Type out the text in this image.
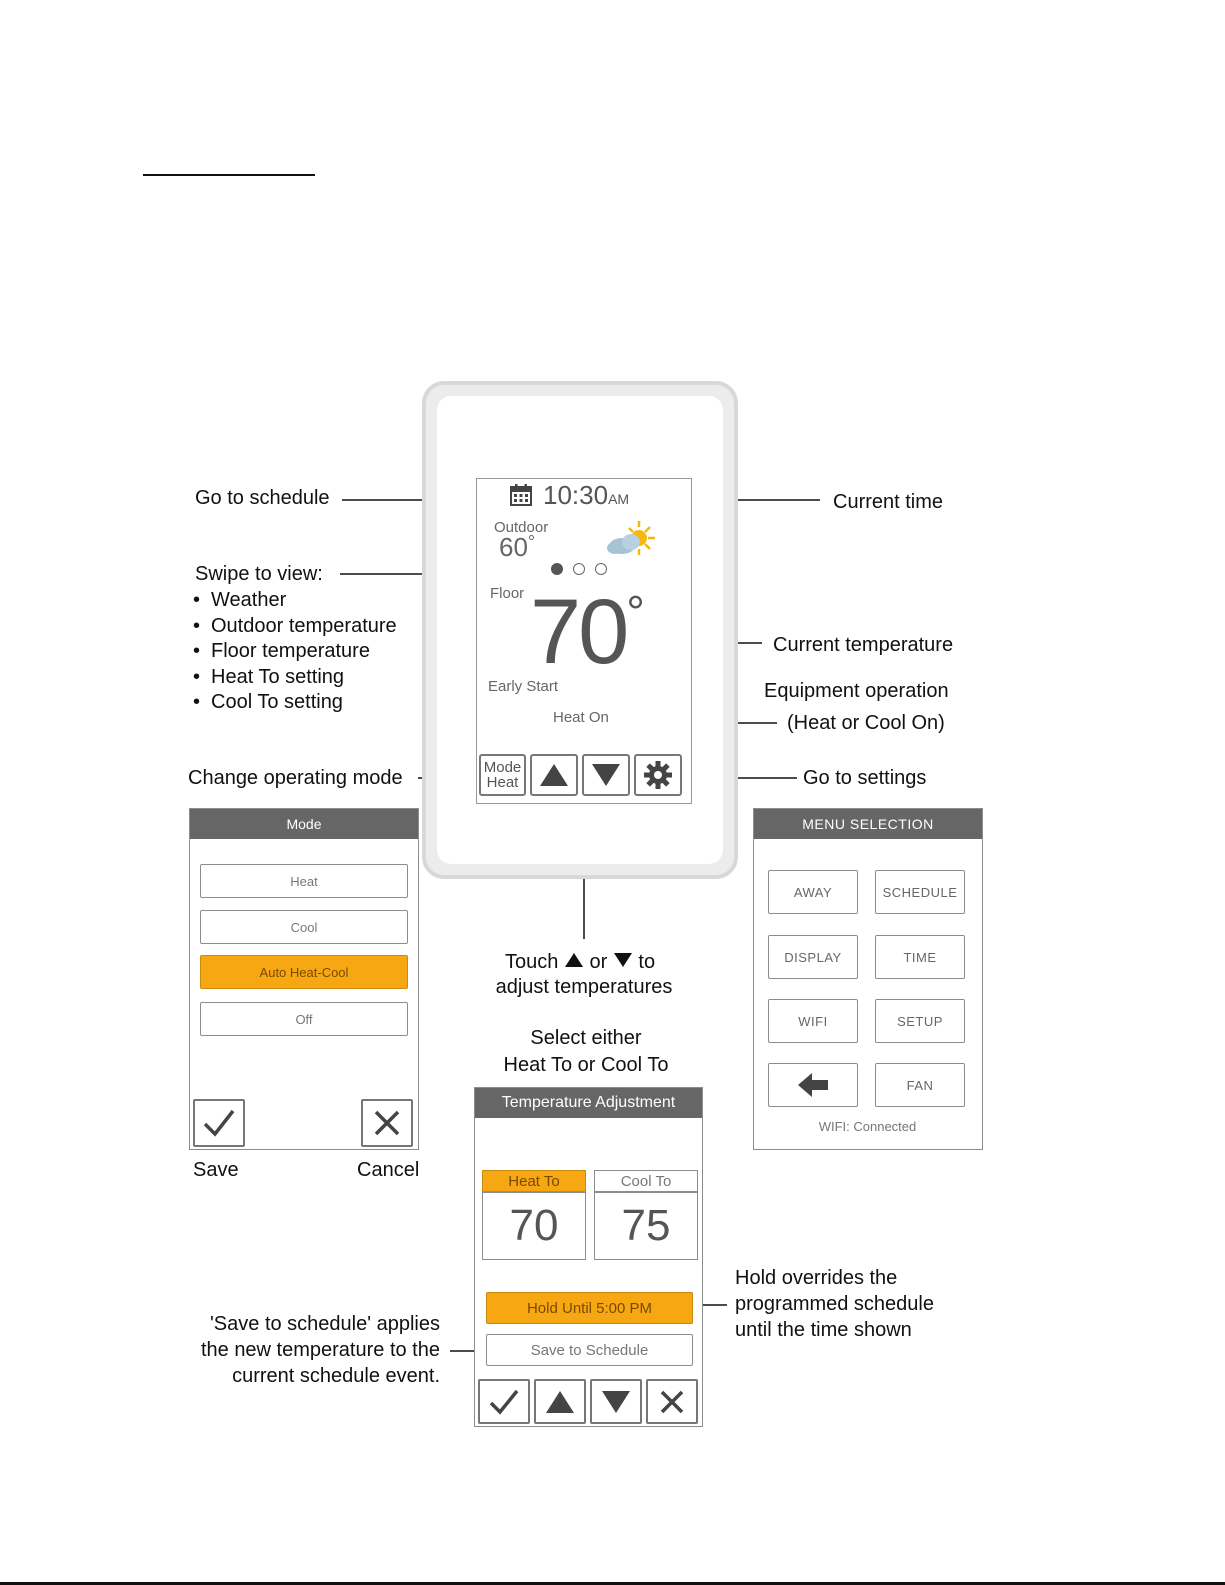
10:30AM
Outdoor
60°
Floor 70°
Early Start
Heat On
Mode
Heat
Go to schedule	Current time
Swipe to view:
• Weather
• Outdoor temperature
• Floor temperature
• Heat To setting
• Cool To setting
Current temperature
Equipment operation
(Heat or Cool On)
Change operating mode	Go to settings
Touch or to
adjust temperatures
Select either
Heat To or Cool To
Hold overrides the
programmed schedule
until the time shown
'Save to schedule' applies
the new temperature to the
current schedule event.
Mode
Heat
Cool
Auto Heat-Cool
Off
Save	Cancel
MENU SELECTION
AWAY	SCHEDULE
DISPLAY	TIME
WIFI	SETUP
FAN
WIFI: Connected
Temperature Adjustment
Heat To
70
Cool To
75
Hold Until 5:00 PM
Save to Schedule
